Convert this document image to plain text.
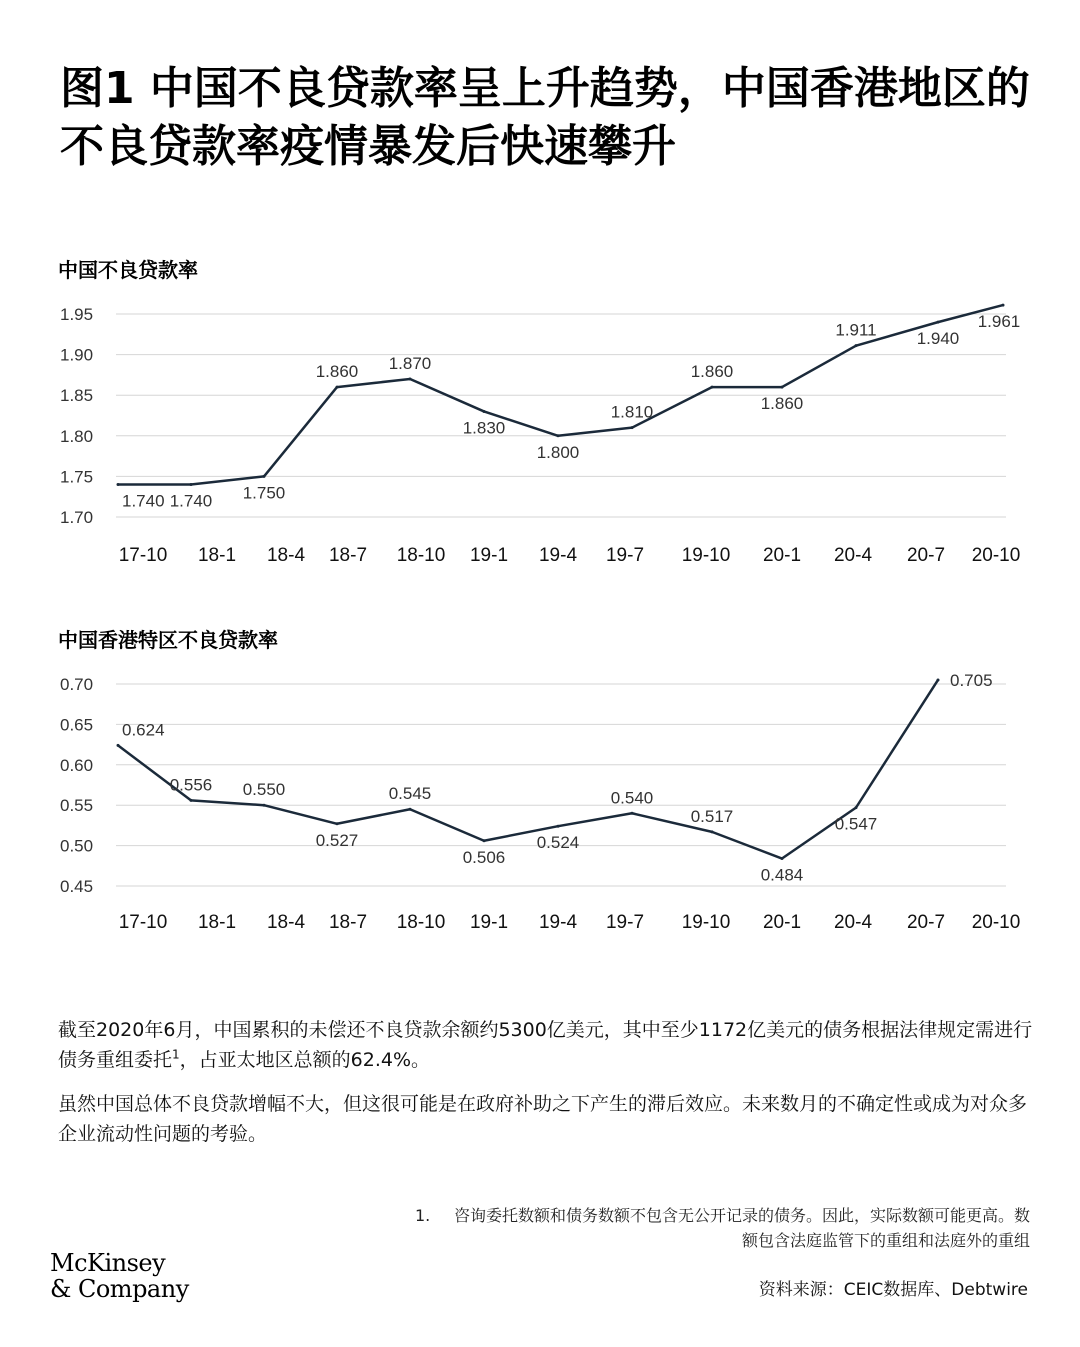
图1 中国不良贷款率呈上升趋势，中国香港地区的不良贷款率疫情暴发后快速攀升
中国不良贷款率
1.95
1.90
1.85
1.80
1.75
1.70
17-10 18-1 18-4 18-7 18-10 19-1 19-4 19-7 19-10 20-1 20-4 20-7 20-10
1.740 1.740 1.750
1.860 1.870
1.830
1.800
1.810
1.860
1.860
1.911 1.940
1.961
中国香港特区不良贷款率
0.70
0.65
0.60
0.55
0.50
0.45
17-10 18-1 18-4 18-7 18-10 19-1 19-4 19-7 19-10 20-1 20-4 20-7 20-10
0.624
0.556 0.550
0.527
0.545
0.506
0.524
0.540
0.517
0.484
0.547
0.705

截至2020年6月，中国累积的未偿还不良贷款余额约5300亿美元，其中至少1172亿美元的债务根据法律规定需进行债务重组委托$^1$，占亚太地区总额的62.4%。

虽然中国总体不良贷款增幅不大，但这很可能是在政府补助之下产生的滞后效应。未来数月的不确定性或成为对众多企业流动性问题的考验。

1.	咨询委托数额和债务数额不包含无公开记录的债务。因此，实际数额可能更高。数额包含法庭监管下的重组和法庭外的重组
McKinsey
& Company	资料来源：CEIC数据库、Debtwire
